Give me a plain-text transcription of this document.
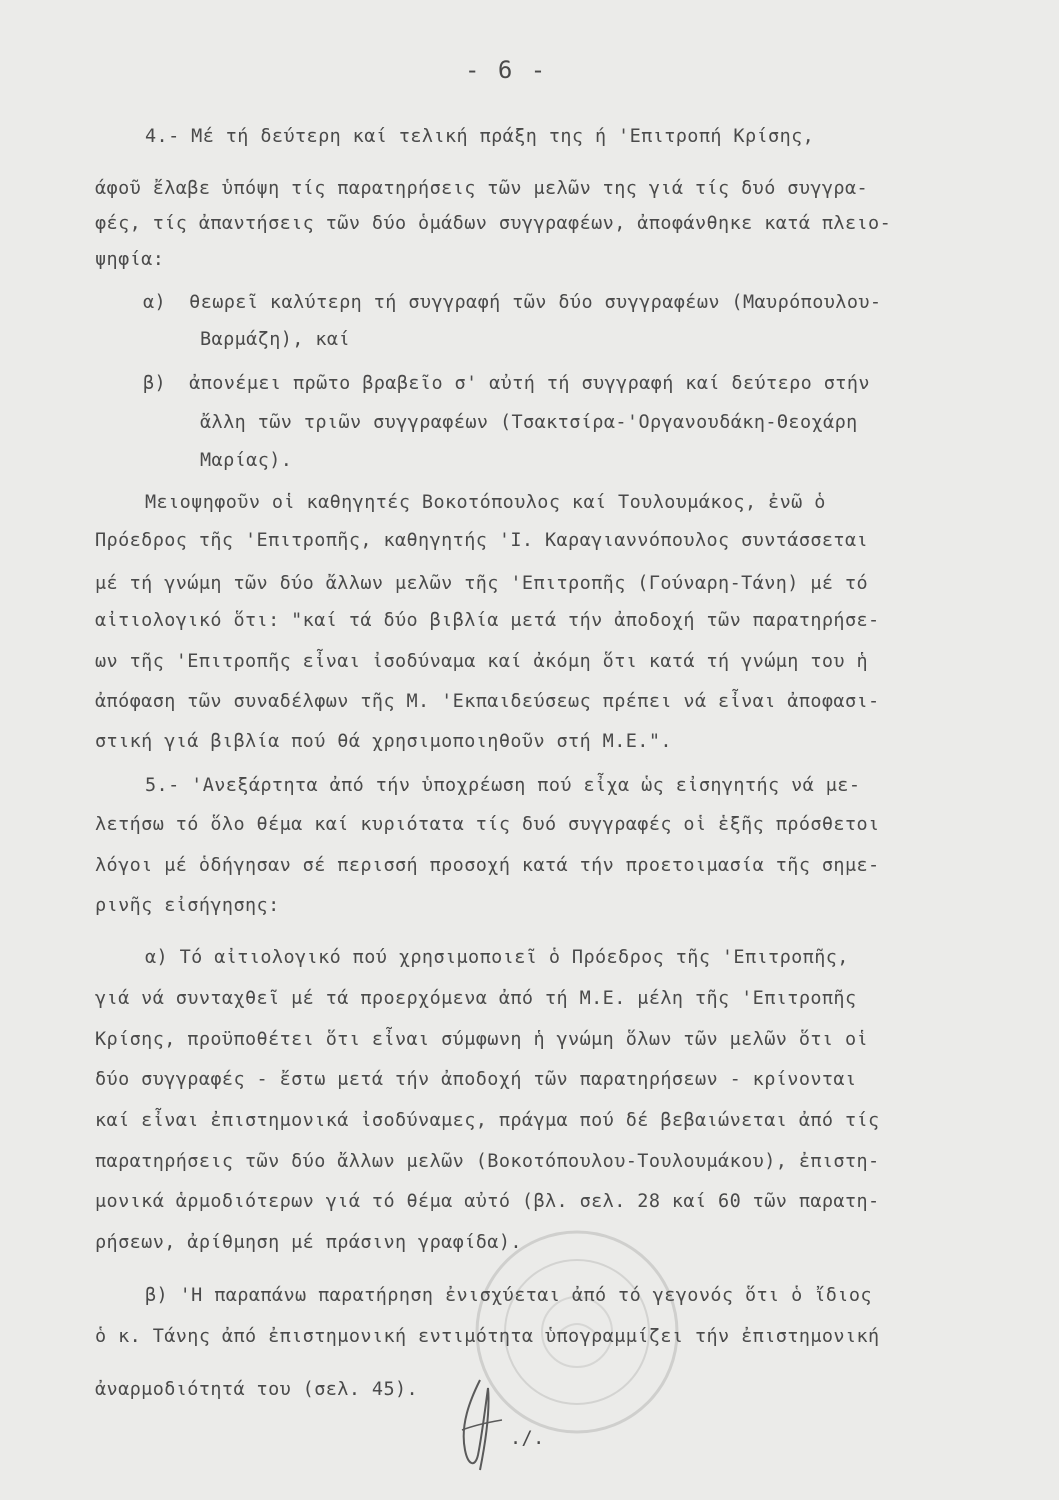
- 6 -
4.- Μέ τή δεύτερη καί τελική πράξη της ή 'Επιτροπή Κρίσης,
άφοῦ ἔλαβε ὑπόψη τίς παρατηρήσεις τῶν μελῶν της γιά τίς δυό συγγρα-
φές, τίς ἀπαντήσεις τῶν δύο ὁμάδων συγγραφέων, ἀποφάνθηκε κατά πλειο-
ψηφία:
α)  θεωρεῖ καλύτερη τή συγγραφή τῶν δύο συγγραφέων (Μαυρόπουλου-
Βαρμάζη), καί
β)  ἀπονέμει πρῶτο βραβεῖο σ' αὐτή τή συγγραφή καί δεύτερο στήν
ἄλλη τῶν τριῶν συγγραφέων (Τσακτσίρα-'Οργανουδάκη-Θεοχάρη
Μαρίας).
Μειοψηφοῦν οἱ καθηγητές Βοκοτόπουλος καί Τουλουμάκος, ἐνῶ ὁ
Πρόεδρος τῆς 'Επιτροπῆς, καθηγητής 'Ι. Καραγιαννόπουλος συντάσσεται
μέ τή γνώμη τῶν δύο ἄλλων μελῶν τῆς 'Επιτροπῆς (Γούναρη-Τάνη) μέ τό
αἰτιολογικό ὅτι: "καί τά δύο βιβλία μετά τήν ἀποδοχή τῶν παρατηρήσε-
ων τῆς 'Επιτροπῆς εἶναι ἰσοδύναμα καί ἀκόμη ὅτι κατά τή γνώμη του ἡ
ἀπόφαση τῶν συναδέλφων τῆς Μ. 'Εκπαιδεύσεως πρέπει νά εἶναι ἀποφασι-
στική γιά βιβλία πού θά χρησιμοποιηθοῦν στή Μ.Ε.".
5.- 'Ανεξάρτητα ἀπό τήν ὑποχρέωση πού εἶχα ὡς εἰσηγητής νά με-
λετήσω τό ὅλο θέμα καί κυριότατα τίς δυό συγγραφές οἱ ἑξῆς πρόσθετοι
λόγοι μέ ὁδήγησαν σέ περισσή προσοχή κατά τήν προετοιμασία τῆς σημε-
ρινῆς εἰσήγησης:
α) Τό αἰτιολογικό πού χρησιμοποιεῖ ὁ Πρόεδρος τῆς 'Επιτροπῆς,
γιά νά συνταχθεῖ μέ τά προερχόμενα ἀπό τή Μ.Ε. μέλη τῆς 'Επιτροπῆς
Κρίσης, προϋποθέτει ὅτι εἶναι σύμφωνη ἡ γνώμη ὅλων τῶν μελῶν ὅτι οἱ
δύο συγγραφές - ἔστω μετά τήν ἀποδοχή τῶν παρατηρήσεων - κρίνονται
καί εἶναι ἐπιστημονικά ἰσοδύναμες, πράγμα πού δέ βεβαιώνεται ἀπό τίς
παρατηρήσεις τῶν δύο ἄλλων μελῶν (Βοκοτόπουλου-Τουλουμάκου), ἐπιστη-
μονικά ἁρμοδιότερων γιά τό θέμα αὐτό (βλ. σελ. 28 καί 60 τῶν παρατη-
ρήσεων, ἀρίθμηση μέ πράσινη γραφίδα).
β) 'Η παραπάνω παρατήρηση ἐνισχύεται ἀπό τό γεγονός ὅτι ὁ ἴδιος
ὁ κ. Τάνης ἀπό ἐπιστημονική εντιμότητα ὑπογραμμίζει τήν ἐπιστημονική
ἀναρμοδιότητά του (σελ. 45).
./.
